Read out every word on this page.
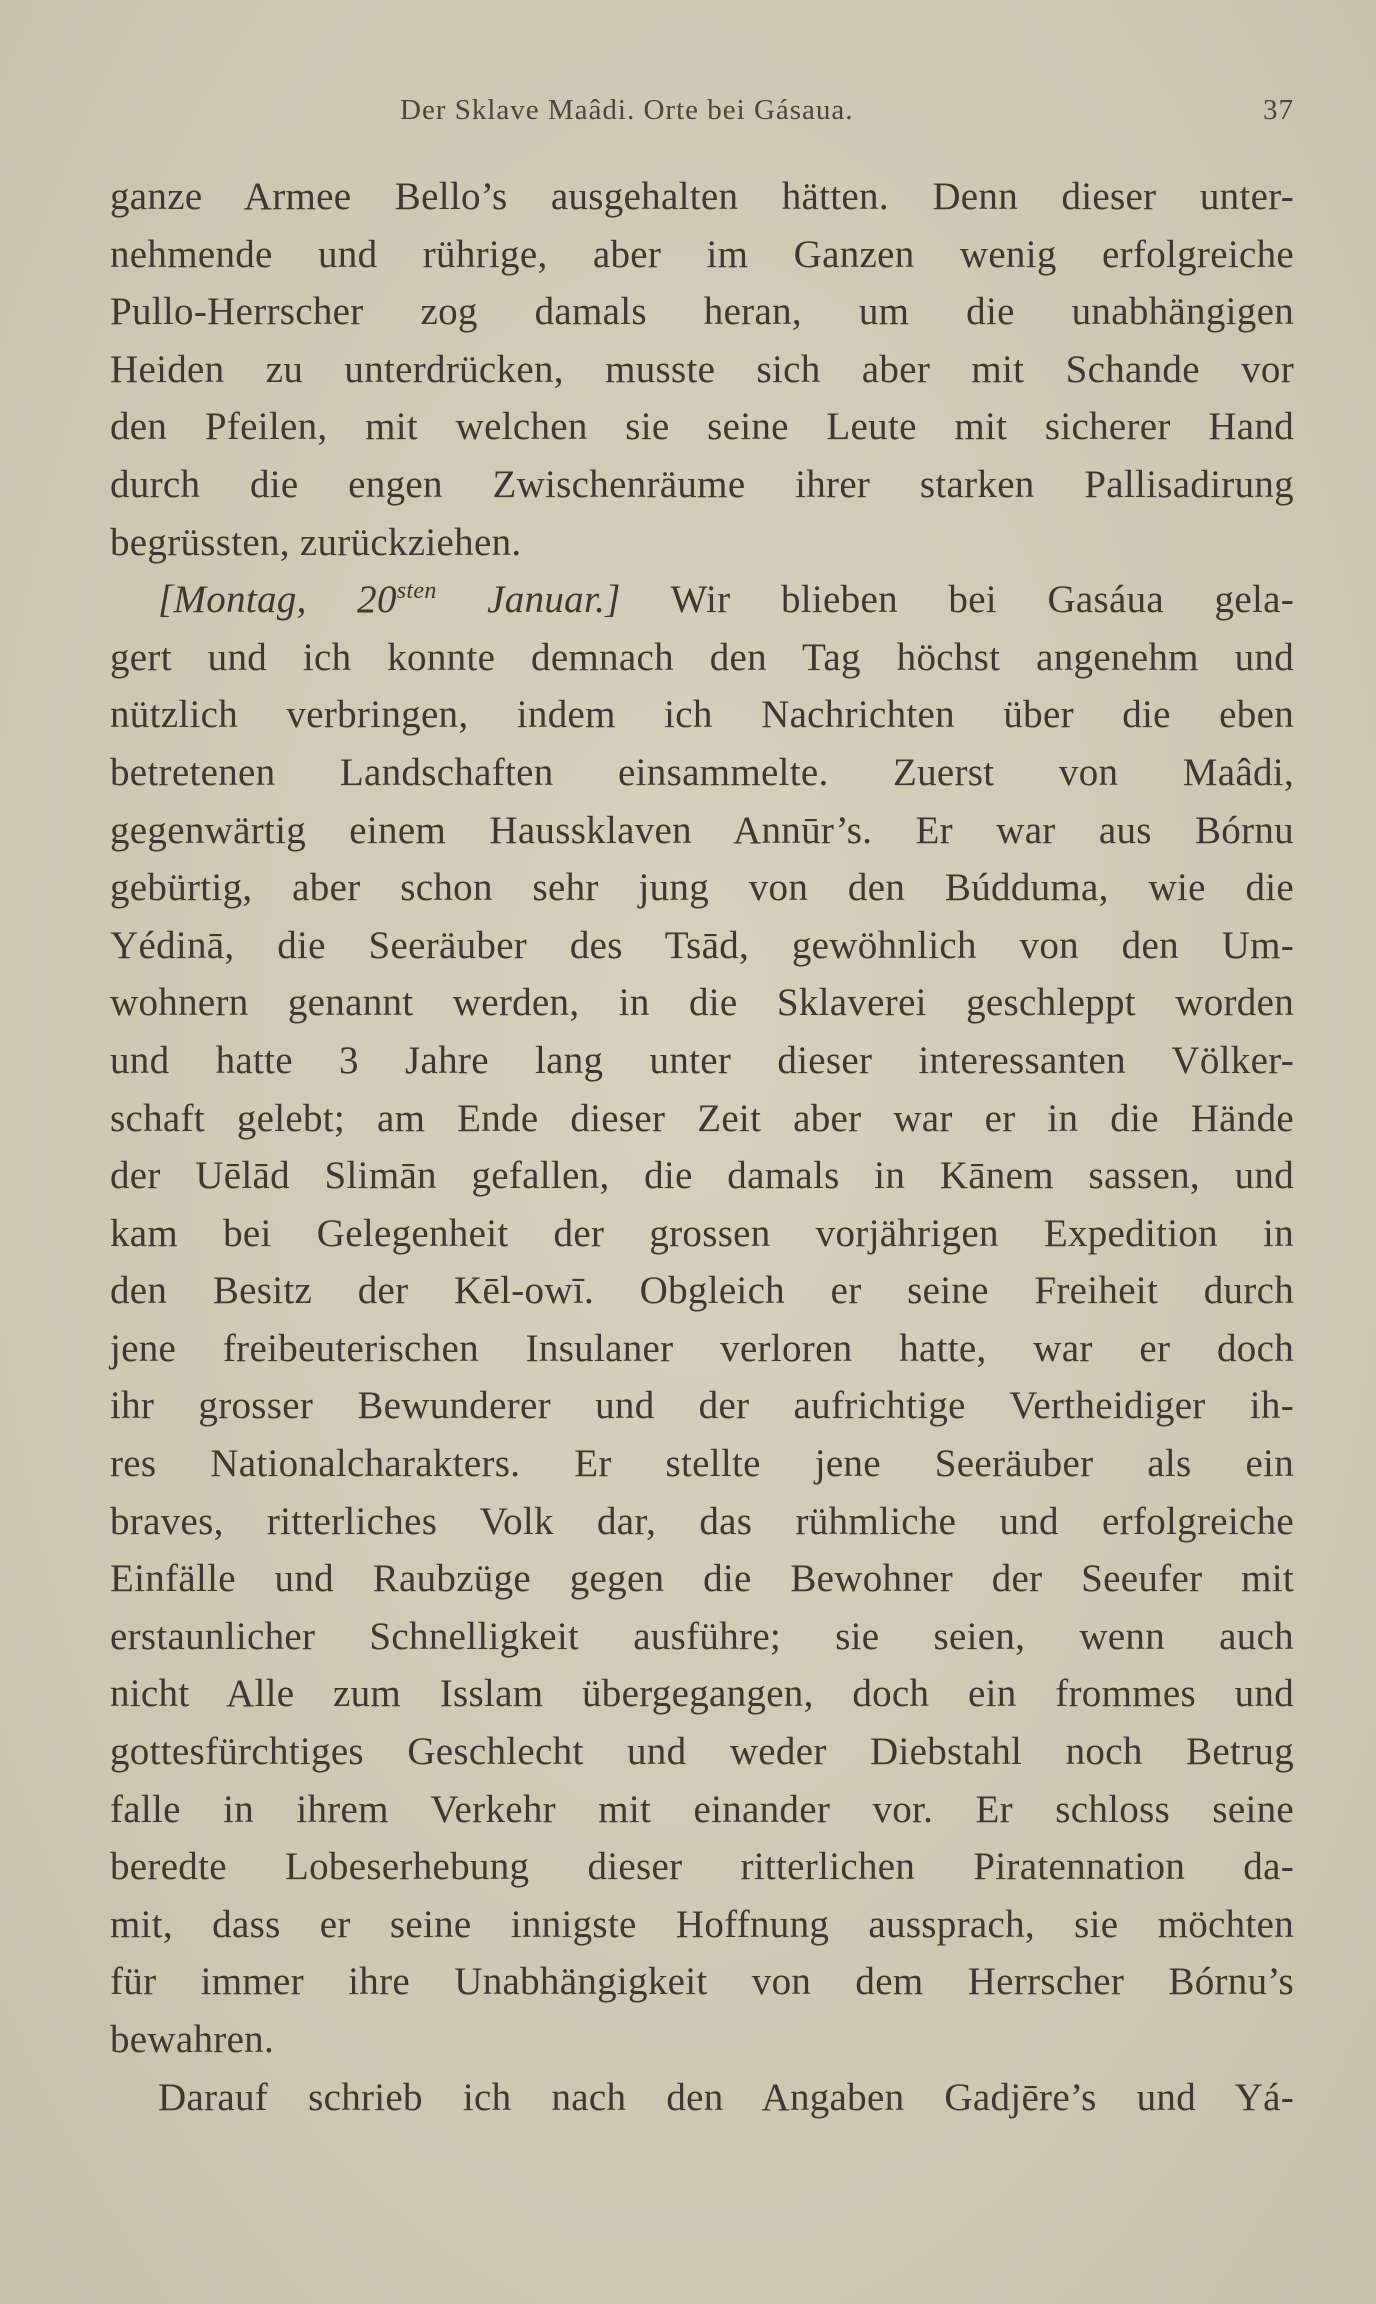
Der Sklave Maâdi. Orte bei Gásaua.	37
ganze Armee Bello’s ausgehalten hätten. Denn dieser unter-
nehmende und rührige, aber im Ganzen wenig erfolgreiche
Pullo-Herrscher zog damals heran, um die unabhängigen
Heiden zu unterdrücken, musste sich aber mit Schande vor
den Pfeilen, mit welchen sie seine Leute mit sicherer Hand
durch die engen Zwischenräume ihrer starken Pallisadirung
begrüssten, zurückziehen.
[Montag, $20^{sten}$ Januar.] Wir blieben bei Gasáua gela-
gert und ich konnte demnach den Tag höchst angenehm und
nützlich verbringen, indem ich Nachrichten über die eben
betretenen Landschaften einsammelte. Zuerst von Maâdi,
gegenwärtig einem Haussklaven Annūr’s. Er war aus Bórnu
gebürtig, aber schon sehr jung von den Búdduma, wie die
Yédinā, die Seeräuber des Tsād, gewöhnlich von den Um-
wohnern genannt werden, in die Sklaverei geschleppt worden
und hatte 3 Jahre lang unter dieser interessanten Völker-
schaft gelebt; am Ende dieser Zeit aber war er in die Hände
der Uēlād Slimān gefallen, die damals in Kānem sassen, und
kam bei Gelegenheit der grossen vorjährigen Expedition in
den Besitz der Kēl-owī. Obgleich er seine Freiheit durch
jene freibeuterischen Insulaner verloren hatte, war er doch
ihr grosser Bewunderer und der aufrichtige Vertheidiger ih-
res Nationalcharakters. Er stellte jene Seeräuber als ein
braves, ritterliches Volk dar, das rühmliche und erfolgreiche
Einfälle und Raubzüge gegen die Bewohner der Seeufer mit
erstaunlicher Schnelligkeit ausführe; sie seien, wenn auch
nicht Alle zum Isslam übergegangen, doch ein frommes und
gottesfürchtiges Geschlecht und weder Diebstahl noch Betrug
falle in ihrem Verkehr mit einander vor. Er schloss seine
beredte Lobeserhebung dieser ritterlichen Piratennation da-
mit, dass er seine innigste Hoffnung aussprach, sie möchten
für immer ihre Unabhängigkeit von dem Herrscher Bórnu’s
bewahren.
Darauf schrieb ich nach den Angaben Gadjēre’s und Yá-
